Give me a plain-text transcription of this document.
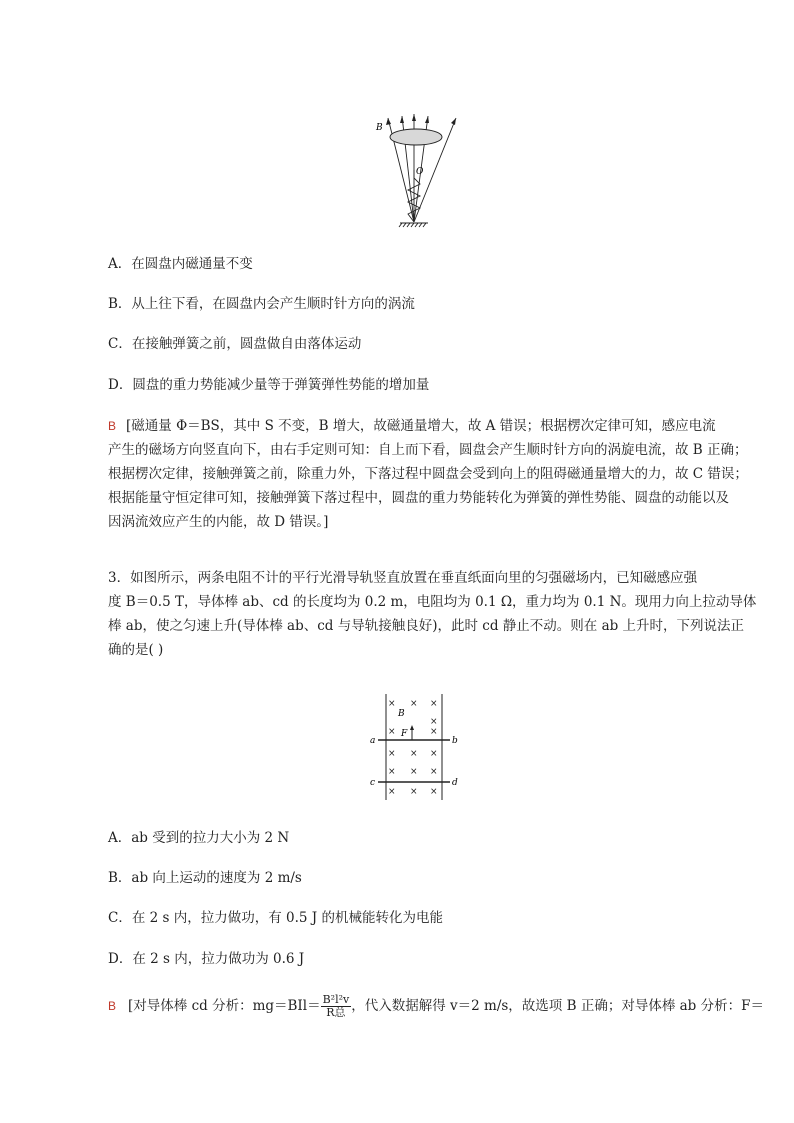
B
O
A．在圆盘内磁通量不变
B．从上往下看，在圆盘内会产生顺时针方向的涡流
C．在接触弹簧之前，圆盘做自由落体运动
D．圆盘的重力势能减少量等于弹簧弹性势能的增加量
B [磁通量 Φ＝BS，其中 S 不变，B 增大，故磁通量增大，故 A 错误；根据楞次定律可知，感应电流
产生的磁场方向竖直向下，由右手定则可知：自上而下看，圆盘会产生顺时针方向的涡旋电流，故 B 正确；
根据楞次定律，接触弹簧之前，除重力外，下落过程中圆盘会受到向上的阻碍磁通量增大的力，故 C 错误；
根据能量守恒定律可知，接触弹簧下落过程中，圆盘的重力势能转化为弹簧的弹性势能、圆盘的动能以及
因涡流效应产生的内能，故 D 错误。]
3．如图所示，两条电阻不计的平行光滑导轨竖直放置在垂直纸面向里的匀强磁场内，已知磁感应强
度 B＝0.5 T，导体棒 ab、cd 的长度均为 0.2 m，电阻均为 0.1 Ω，重力均为 0.1 N。现用力向上拉动导体
棒 ab，使之匀速上升(导体棒 ab、cd 与导轨接触良好)，此时 cd 静止不动。则在 ab 上升时，下列说法正
确的是( )
× × ×
×
×	×
× × ×
× × ×
× × ×
B
F
a	b
c	d
A．ab 受到的拉力大小为 2 N
B．ab 向上运动的速度为 2 m/s
C．在 2 s 内，拉力做功，有 0.5 J 的机械能转化为电能
D．在 2 s 内，拉力做功为 0.6 J
B [对导体棒 cd 分析：$mg=BIl= \frac{\text{B²l²v}}{\text{R总}}$ ，代入数据解得 v＝2 m/s，故选项 B 正确；对导体棒 ab 分析：F＝
